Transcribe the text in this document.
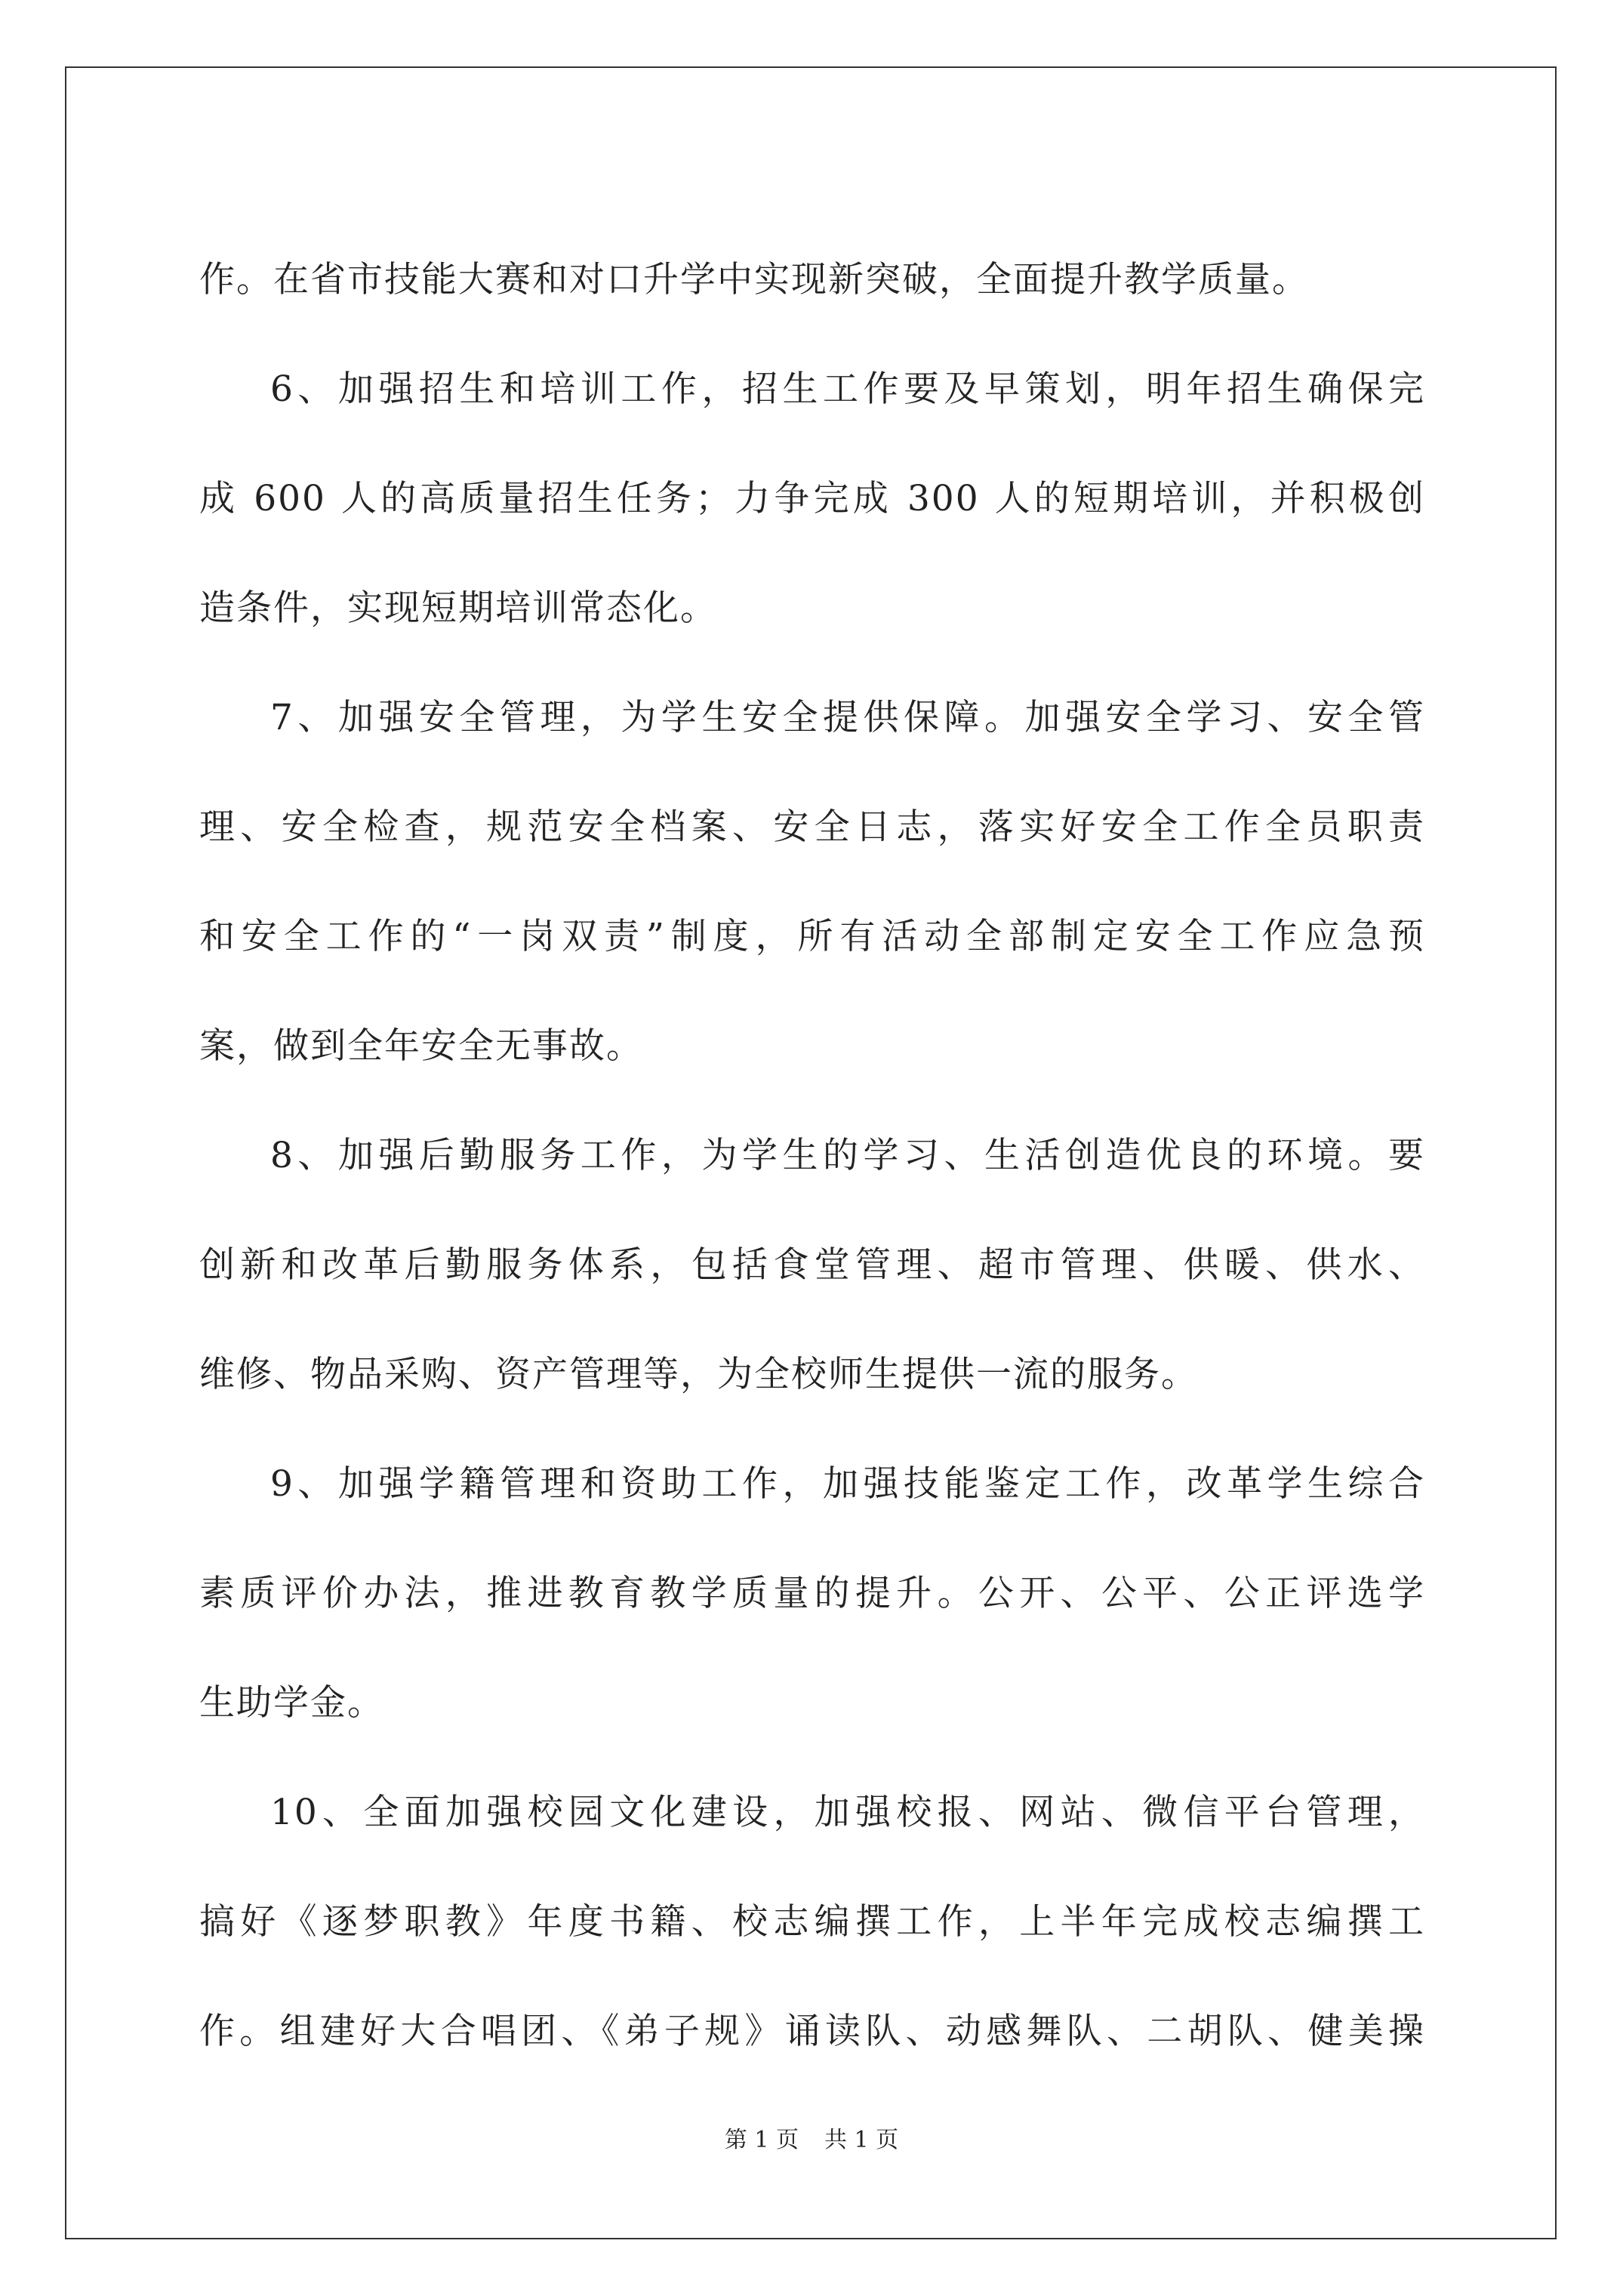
作。在省市技能大赛和对口升学中实现新突破，全面提升教学质量。
6、加强招生和培训工作，招生工作要及早策划，明年招生确保完
成 600 人的高质量招生任务；力争完成 300 人的短期培训，并积极创
造条件，实现短期培训常态化。
7、加强安全管理，为学生安全提供保障。加强安全学习、安全管
理、安全检查，规范安全档案、安全日志，落实好安全工作全员职责
和安全工作的“一岗双责”制度，所有活动全部制定安全工作应急预
案，做到全年安全无事故。
8、加强后勤服务工作，为学生的学习、生活创造优良的环境。要
创新和改革后勤服务体系，包括食堂管理、超市管理、供暖、供水、
维修、物品采购、资产管理等，为全校师生提供一流的服务。
9、加强学籍管理和资助工作，加强技能鉴定工作，改革学生综合
素质评价办法，推进教育教学质量的提升。公开、公平、公正评选学
生助学金。
10、全面加强校园文化建设，加强校报、网站、微信平台管理，
搞好《逐梦职教》年度书籍、校志编撰工作，上半年完成校志编撰工
作。组建好大合唱团、《弟子规》诵读队、动感舞队、二胡队、健美操
第 1 页 共 1 页
